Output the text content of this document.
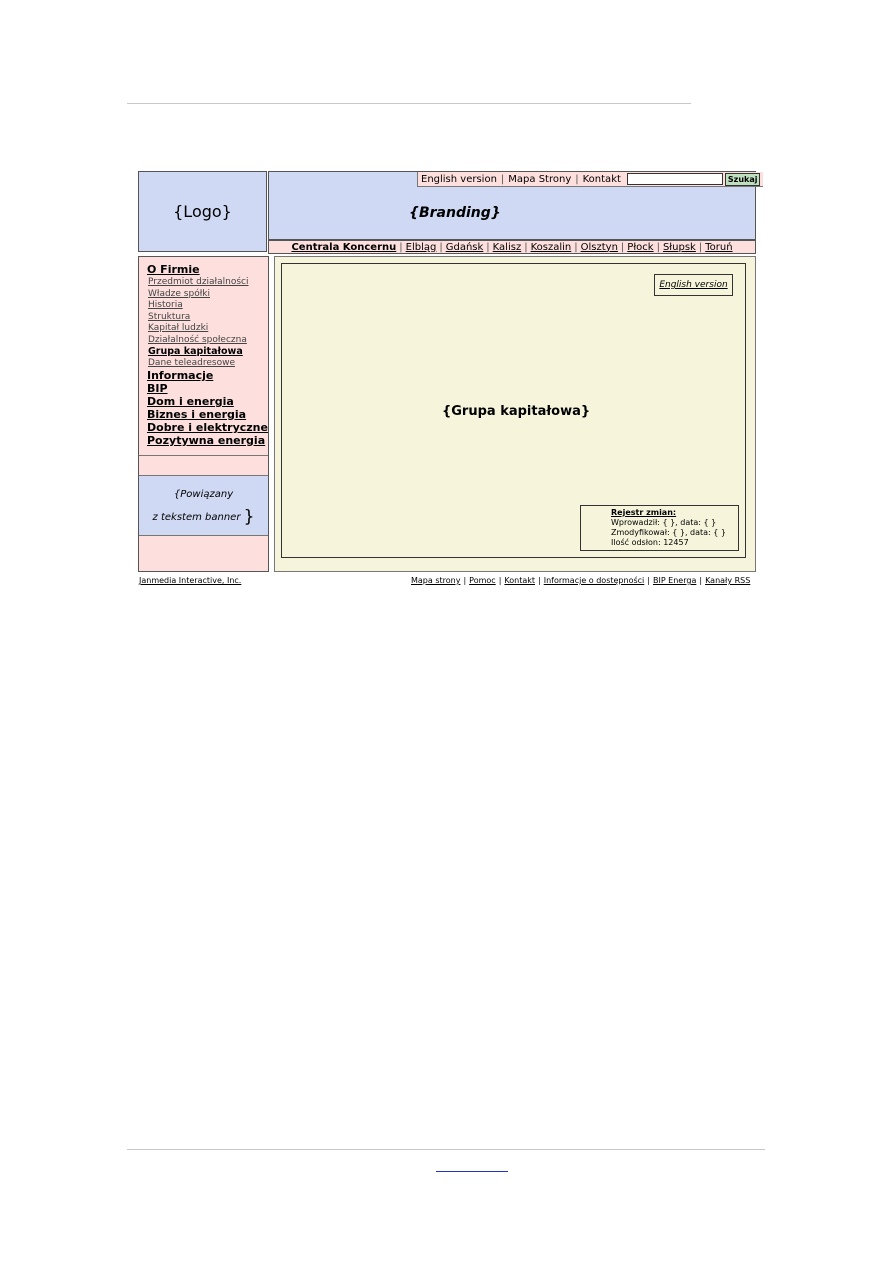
{Logo}
English version | Mapa Strony | Kontakt	Szukaj
{Branding}
Centrala Koncernu | Elbląg | Gdańsk | Kalisz | Koszalin | Olsztyn | Płock | Słupsk | Toruń
O Firmie
Przedmiot działalności
Władze spółki
Historia
Struktura
Kapitał ludzki
Działalność społeczna
Grupa kapitałowa
Dane teleadresowe
Informacje
BIP
Dom i energia
Biznes i energia
Dobre i elektryczne
Pozytywna energia
{Powiązany
z tekstem banner }
English version
{Grupa kapitałowa}
Rejestr zmian:
Wprowadził: { }, data: { }
Zmodyfikował: { }, data: { }
Ilość odsłon: 12457
Janmedia Interactive, Inc.	Mapa strony | Pomoc | Kontakt | Informacje o dostępności | BIP Energa | Kanały RSS
